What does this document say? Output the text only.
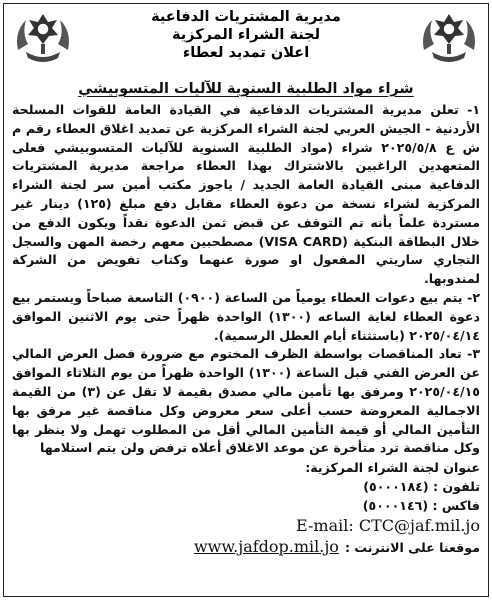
مديرية المشتريات الدفاعية
لجنة الشراء المركزية
اعلان تمديد لعطاء
شراء مواد الطلبية السنوية للآليات المتسوبيشي

١- تعلن مديرية المشتريات الدفاعية في القيادة العامة للقوات المسلحة الأردنية - الجيش العربي لجنة الشراء المركزية عن تمديد اغلاق العطاء رقم م ش ع ٢٠٢٥/٥/٨ شراء (مواد الطلبية السنوية للآليات المتسوبيشي فعلى المتعهدين الراغبين بالاشتراك بهذا العطاء مراجعة مديرية المشتريات الدفاعية مبنى القيادة العامة الجديد / ياجوز مكتب أمين سر لجنة الشراء المركزية لشراء نسخة من دعوة العطاء مقابل دفع مبلغ (١٢٥) دينار غير مستردة علماً بأنه تم التوقف عن قبض ثمن الدعوة نقداً ويكون الدفع من خلال البطاقة البنكية (VISA CARD) مصطحبين معهم رخصة المهن والسجل التجاري ساريتي المفعول او صورة عنهما وكتاب تفويض من الشركة لمندوبها.

٢- يتم بيع دعوات العطاء يومياً من الساعة (٠٩٠٠) التاسعة صباحاً ويستمر بيع دعوة العطاء لغاية الساعه (١٣٠٠) الواحدة ظهراً حتى يوم الاثنين الموافق ٢٠٢٥/٠٤/١٤ (باستثناء أيام العطل الرسمية).

٣- تعاد المناقصات بواسطة الظرف المختوم مع ضرورة فصل العرض المالي عن العرض الفني قبل الساعة (١٣٠٠) الواحدة ظهراً من يوم الثلاثاء الموافق ٢٠٢٥/٠٤/١٥ ومرفق بها تأمين مالي مصدق بقيمة لا تقل عن (٣) من القيمة الاجمالية المعروضة حسب أعلى سعر معروض وكل مناقصة غير مرفق بها التأمين المالي أو قيمة التأمين المالي أقل من المطلوب تهمل ولا ينظر بها وكل مناقصة ترد متأخرة عن موعد الاغلاق أعلاه ترفض ولن يتم استلامها

عنوان لجنة الشراء المركزية:
تلفون : (٥٠٠٠١٨٤)
فاكس : (٥٠٠٠١٤٦)
E-mail: CTC@jaf.mil.jo
موقعنا على الانترنت :
www.jafdop.mil.jo
